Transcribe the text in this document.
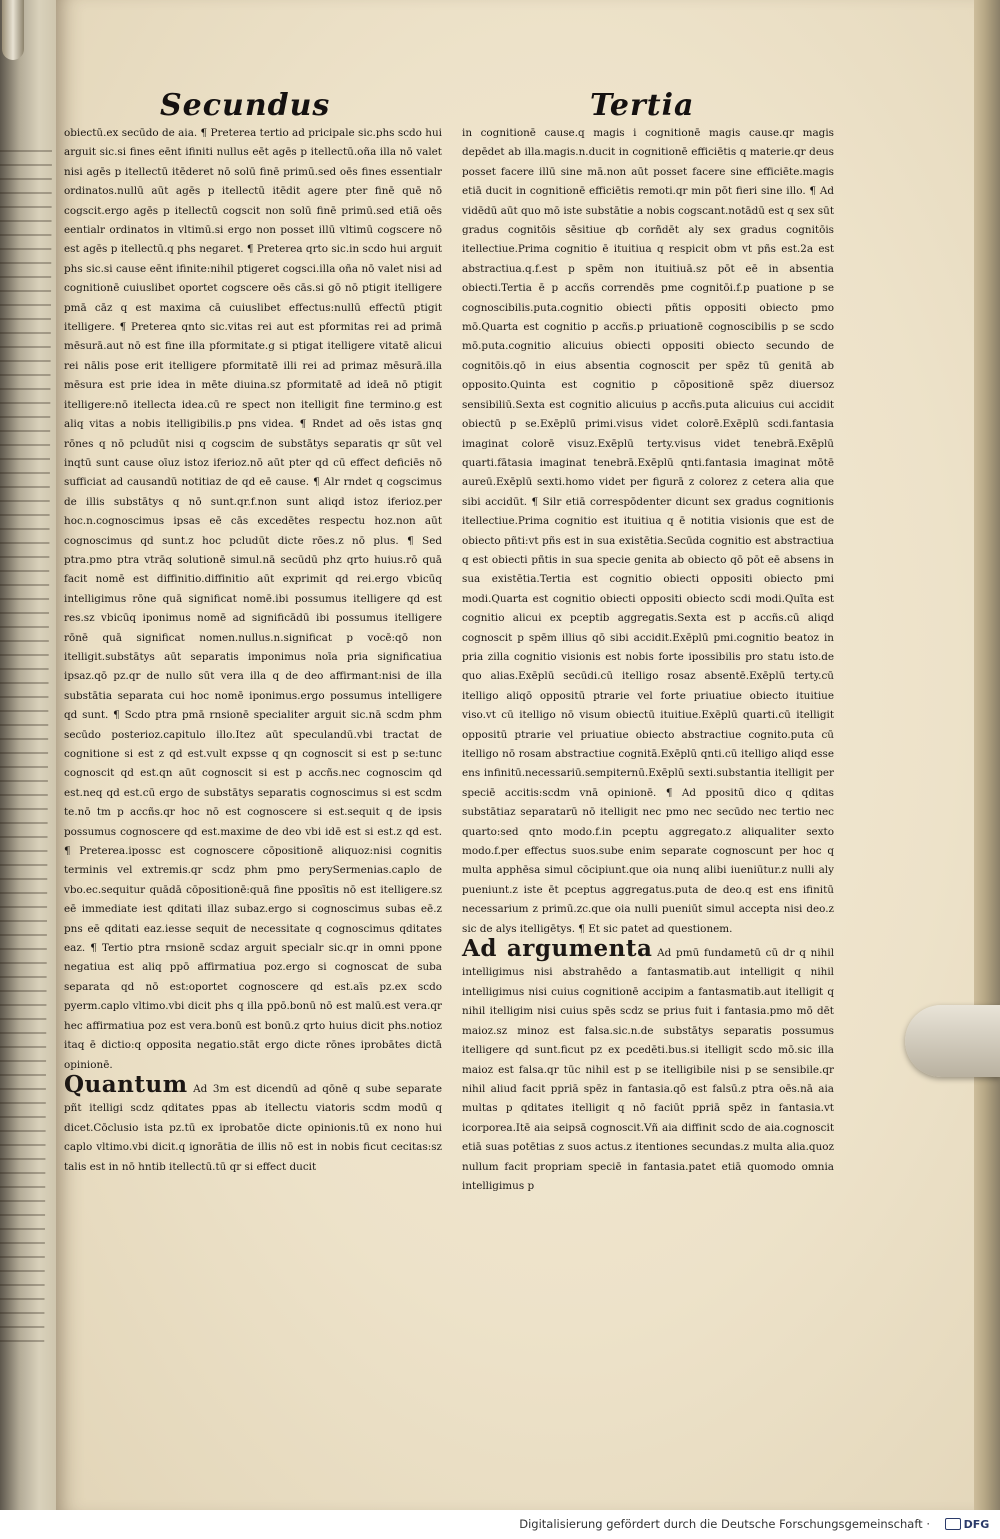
Secundus	Tertia

obiectū.ex secūdo de aia. ¶ Preterea tertio ad pricipale sic.phs scdo hui arguit sic.si fines eēnt ifiniti nullus eēt agēs p itellectū.oña illa nō valet nisi agēs p itellectū itēderet nō solū finē primū.sed oēs fines essentialr ordinatos.nullū aūt agēs p itellectū itēdit agere pter finē quē nō cogscit.ergo agēs p itellectū cogscit non solū finē primū.sed etiā oēs eentialr ordinatos in vltimū.si ergo non posset illū vltimū cogscere nō est agēs p itellectū.q phs negaret. ¶ Preterea qrto sic.in scdo hui arguit phs sic.si cause eēnt ifinite:nihil ptigeret cogsci.illa oña nō valet nisi ad cognitionē cuiuslibet oportet cogscere oēs cās.si gō nō ptigit itelligere pmā cāz q est maxima cā cuiuslibet effectus:nullū effectū ptigit itelligere. ¶ Preterea qnto sic.vitas rei aut est pformitas rei ad primā mēsurā.aut nō est fine illa pformitate.g si ptigat itelligere vitatē alicui rei nālis pose erit itelligere pformitatē illi rei ad primaz mēsurā.illa mēsura est prie idea in mēte diuina.sz pformitatē ad ideā nō ptigit itelligere:nō itellecta idea.cū re spect non itelligit fine termino.g est aliq vitas a nobis itelligibilis.p pns videa. ¶ Rndet ad oēs istas gnq rōnes q nō pcludūt nisi q cogscim de substātys separatis qr sūt vel inqtū sunt cause oīuz istoz iferioz.nō aūt pter qd cū effect deficiēs nō sufficiat ad causandū notitiaz de qd eē cause. ¶ Alr rndet q cogscimus de illis substātys q nō sunt.qr.f.non sunt aliqd istoz iferioz.per hoc.n.cognoscimus ipsas eē cās excedētes respectu hoz.non aūt cognoscimus qd sunt.z hoc pcludūt dicte rōes.z nō plus. ¶ Sed ptra.pmo ptra vtrāq solutionē simul.nā secūdū phz qrto huius.rō quā facit nomē est diffinitio.diffinitio aūt exprimit qd rei.ergo vbicūq intelligimus rōne quā significat nomē.ibi possumus itelligere qd est res.sz vbicūq iponimus nomē ad significādū ibi possumus itelligere rōnē quā significat nomen.nullus.n.significat p vocē:qō non itelligit.substātys aūt separatis imponimus noīa pria significatiua ipsaz.qō pz.qr de nullo sūt vera illa q de deo affirmant:nisi de illa substātia separata cui hoc nomē iponimus.ergo possumus intelligere qd sunt. ¶ Scdo ptra pmā rnsionē specialiter arguit sic.nā scdm phm secūdo posterioz.capitulo illo.Itez aūt speculandū.vbi tractat de cognitione si est z qd est.vult expsse q qn cognoscit si est p se:tunc cognoscit qd est.qn aūt cognoscit si est p accñs.nec cognoscim qd est.neq qd est.cū ergo de substātys separatis cognoscimus si est scdm te.nō tm p accñs.qr hoc nō est cognoscere si est.sequit q de ipsis possumus cognoscere qd est.maxime de deo vbi idē est si est.z qd est. ¶ Preterea.ipossc est cognoscere cōpositionē aliquoz:nisi cognitis terminis vel extremis.qr scdz phm pmo perySermenias.caplo de vbo.ec.sequitur quādā cōpositionē:quā fine pposītis nō est itelligere.sz eē immediate iest qditati illaz subaz.ergo si cognoscimus subas eē.z pns eē qditati eaz.iesse sequit de necessitate q cognoscimus qditates eaz. ¶ Tertio ptra rnsionē scdaz arguit specialr sic.qr in omni ppone negatiua est aliq ppō affirmatiua poz.ergo si cognoscat de suba separata qd nō est:oportet cognoscere qd est.aīs pz.ex scdo pyerm.caplo vltimo.vbi dicit phs q illa ppō.bonū nō est malū.est vera.qr hec affirmatiua poz est vera.bonū est bonū.z qrto huius dicit phs.notioz itaq ē dictio:q opposita negatio.stāt ergo dicte rōnes iprobātes dictā opinionē.

Quantum Ad 3m est dicendū ad qōnē q sube separate pñt itelligi scdz qditates ppas ab itellectu viatoris scdm modū q dicet.Cōclusio ista pz.tū ex iprobatōe dicte opinionis.tū ex nono hui caplo vltimo.vbi dicit.q ignorātia de illis nō est in nobis ficut cecitas:sz talis est in nō hntib itellectū.tū qr si effect ducit

in cognitionē cause.q magis i cognitionē magis cause.qr magis depēdet ab illa.magis.n.ducit in cognitionē efficiētis q materie.qr deus posset facere illū sine mā.non aūt posset facere sine efficiēte.magis etiā ducit in cognitionē efficiētis remoti.qr min pōt fieri sine illo. ¶ Ad vidēdū aūt quo mō iste substātie a nobis cogscant.notādū est q sex sūt gradus cognitōis sēsitiue qb corñdēt aly sex gradus cognitōis itellectiue.Prima cognitio ē ituitiua q respicit obm vt pñs est.2a est abstractiua.q.f.est p spēm non ituitiuā.sz pōt eē in absentia obiecti.Tertia ē p accñs correndēs pme cognitōi.f.p puatione p se cognoscibilis.puta.cognitio obiecti pñtis oppositi obiecto pmo mō.Quarta est cognitio p accñs.p priuationē cognoscibilis p se scdo mō.puta.cognitio alicuius obiecti oppositi obiecto secundo de cognitōis.qō in eius absentia cognoscit per spēz tū genitā ab opposito.Quinta est cognitio p cōpositionē spēz diuersoz sensibiliū.Sexta est cognitio alicuius p accñs.puta alicuius cui accidit obiectū p se.Exēplū primi.visus videt colorē.Exēplū scdi.fantasia imaginat colorē visuz.Exēplū terty.visus videt tenebrā.Exēplū quarti.fātasia imaginat tenebrā.Exēplū qnti.fantasia imaginat mōtē aureū.Exēplū sexti.homo videt per figurā z colorez z cetera alia que sibi accidūt. ¶ Silr etiā correspōdenter dicunt sex gradus cognitionis itellectiue.Prima cognitio est ituitiua q ē notitia visionis que est de obiecto pñti:vt pñs est in sua existētia.Secūda cognitio est abstractiua q est obiecti pñtis in sua specie genita ab obiecto qō pōt eē absens in sua existētia.Tertia est cognitio obiecti oppositi obiecto pmi modi.Quarta est cognitio obiecti oppositi obiecto scdi modi.Quīta est cognitio alicui ex pceptib aggregatis.Sexta est p accñs.cū aliqd cognoscit p spēm illius qō sibi accidit.Exēplū pmi.cognitio beatoz in pria zilla cognitio visionis est nobis forte ipossibilis pro statu isto.de quo alias.Exēplū secūdi.cū itelligo rosaz absentē.Exēplū terty.cū itelligo aliqō oppositū ptrarie vel forte priuatiue obiecto ituitiue viso.vt cū itelligo nō visum obiectū ituitiue.Exēplū quarti.cū itelligit oppositū ptrarie vel priuatiue obiecto abstractiue cognito.puta cū itelligo nō rosam abstractiue cognitā.Exēplū qnti.cū itelligo aliqd esse ens infinitū.necessariū.sempiternū.Exēplū sexti.substantia itelligit per speciē accitis:scdm vnā opinionē. ¶ Ad ppositū dico q qditas substātiaz separatarū nō itelligit nec pmo nec secūdo nec tertio nec quarto:sed qnto modo.f.in pceptu aggregato.z aliqualiter sexto modo.f.per effectus suos.sube enim separate cognoscunt per hoc q multa apphēsa simul cōcipiunt.que oia nunq alibi iueniūtur.z nulli aly pueniunt.z iste ēt pceptus aggregatus.puta de deo.q est ens ifinitū necessarium z primū.zc.que oia nulli pueniūt simul accepta nisi deo.z sic de alys itelligētys. ¶ Et sic patet ad questionem.

Ad argumenta Ad pmū fundametū cū dr q nihil intelligimus nisi abstrahēdo a fantasmatib.aut intelligit q nihil intelligimus nisi cuius cognitionē accipim a fantasmatib.aut itelligit q nihil itelligim nisi cuius spēs scdz se prius fuit i fantasia.pmo mō dēt maioz.sz minoz est falsa.sic.n.de substātys separatis possumus itelligere qd sunt.ficut pz ex pcedēti.bus.si itelligit scdo mō.sic illa maioz est falsa.qr tūc nihil est p se itelligibile nisi p se sensibile.qr nihil aliud facit ppriā spēz in fantasia.qō est falsū.z ptra oēs.nā aia multas p qditates itelligit q nō faciūt ppriā spēz in fantasia.vt icorporea.Itē aia seipsā cognoscit.Vñ aia diffinit scdo de aia.cognoscit etiā suas potētias z suos actus.z itentiones secundas.z multa alia.quoz nullum facit propriam speciē in fantasia.patet etiā quomodo omnia intelligimus p

Digitalisierung gefördert durch die Deutsche Forschungsgemeinschaft ·	DFG
